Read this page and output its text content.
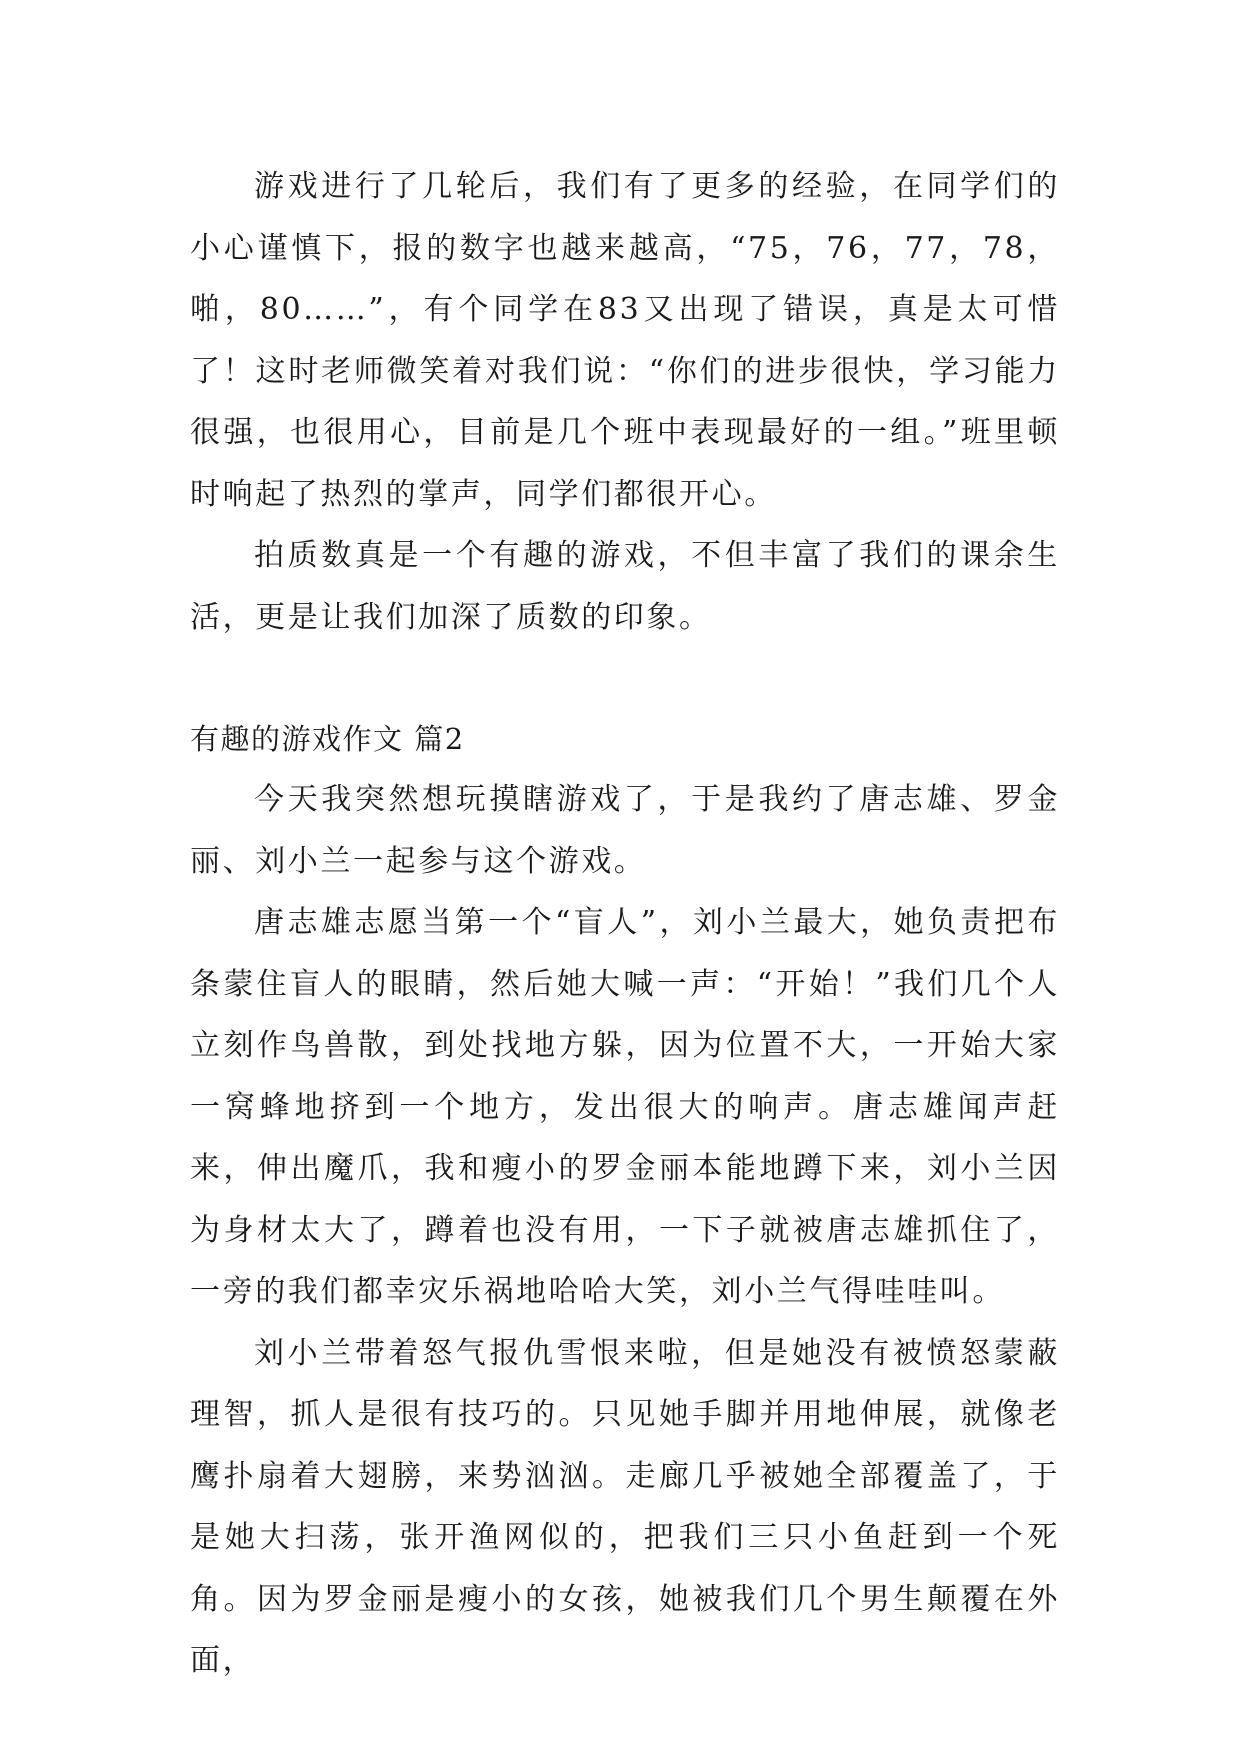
游戏进行了几轮后，我们有了更多的经验，在同学们的小心谨慎下，报的数字也越来越高，“75，76，77，78，啪，80……”，有个同学在83又出现了错误，真是太可惜了！这时老师微笑着对我们说：“你们的进步很快，学习能力很强，也很用心，目前是几个班中表现最好的一组。”班里顿时响起了热烈的掌声，同学们都很开心。

拍质数真是一个有趣的游戏，不但丰富了我们的课余生活，更是让我们加深了质数的印象。

有趣的游戏作文 篇2

今天我突然想玩摸瞎游戏了，于是我约了唐志雄、罗金丽、刘小兰一起参与这个游戏。

唐志雄志愿当第一个“盲人”，刘小兰最大，她负责把布条蒙住盲人的眼睛，然后她大喊一声：“开始！”我们几个人立刻作鸟兽散，到处找地方躲，因为位置不大，一开始大家一窝蜂地挤到一个地方，发出很大的响声。唐志雄闻声赶来，伸出魔爪，我和瘦小的罗金丽本能地蹲下来，刘小兰因为身材太大了，蹲着也没有用，一下子就被唐志雄抓住了，一旁的我们都幸灾乐祸地哈哈大笑，刘小兰气得哇哇叫。

刘小兰带着怒气报仇雪恨来啦，但是她没有被愤怒蒙蔽理智，抓人是很有技巧的。只见她手脚并用地伸展，就像老鹰扑扇着大翅膀，来势汹汹。走廊几乎被她全部覆盖了，于是她大扫荡，张开渔网似的，把我们三只小鱼赶到一个死角。因为罗金丽是瘦小的女孩，她被我们几个男生颠覆在外面，
